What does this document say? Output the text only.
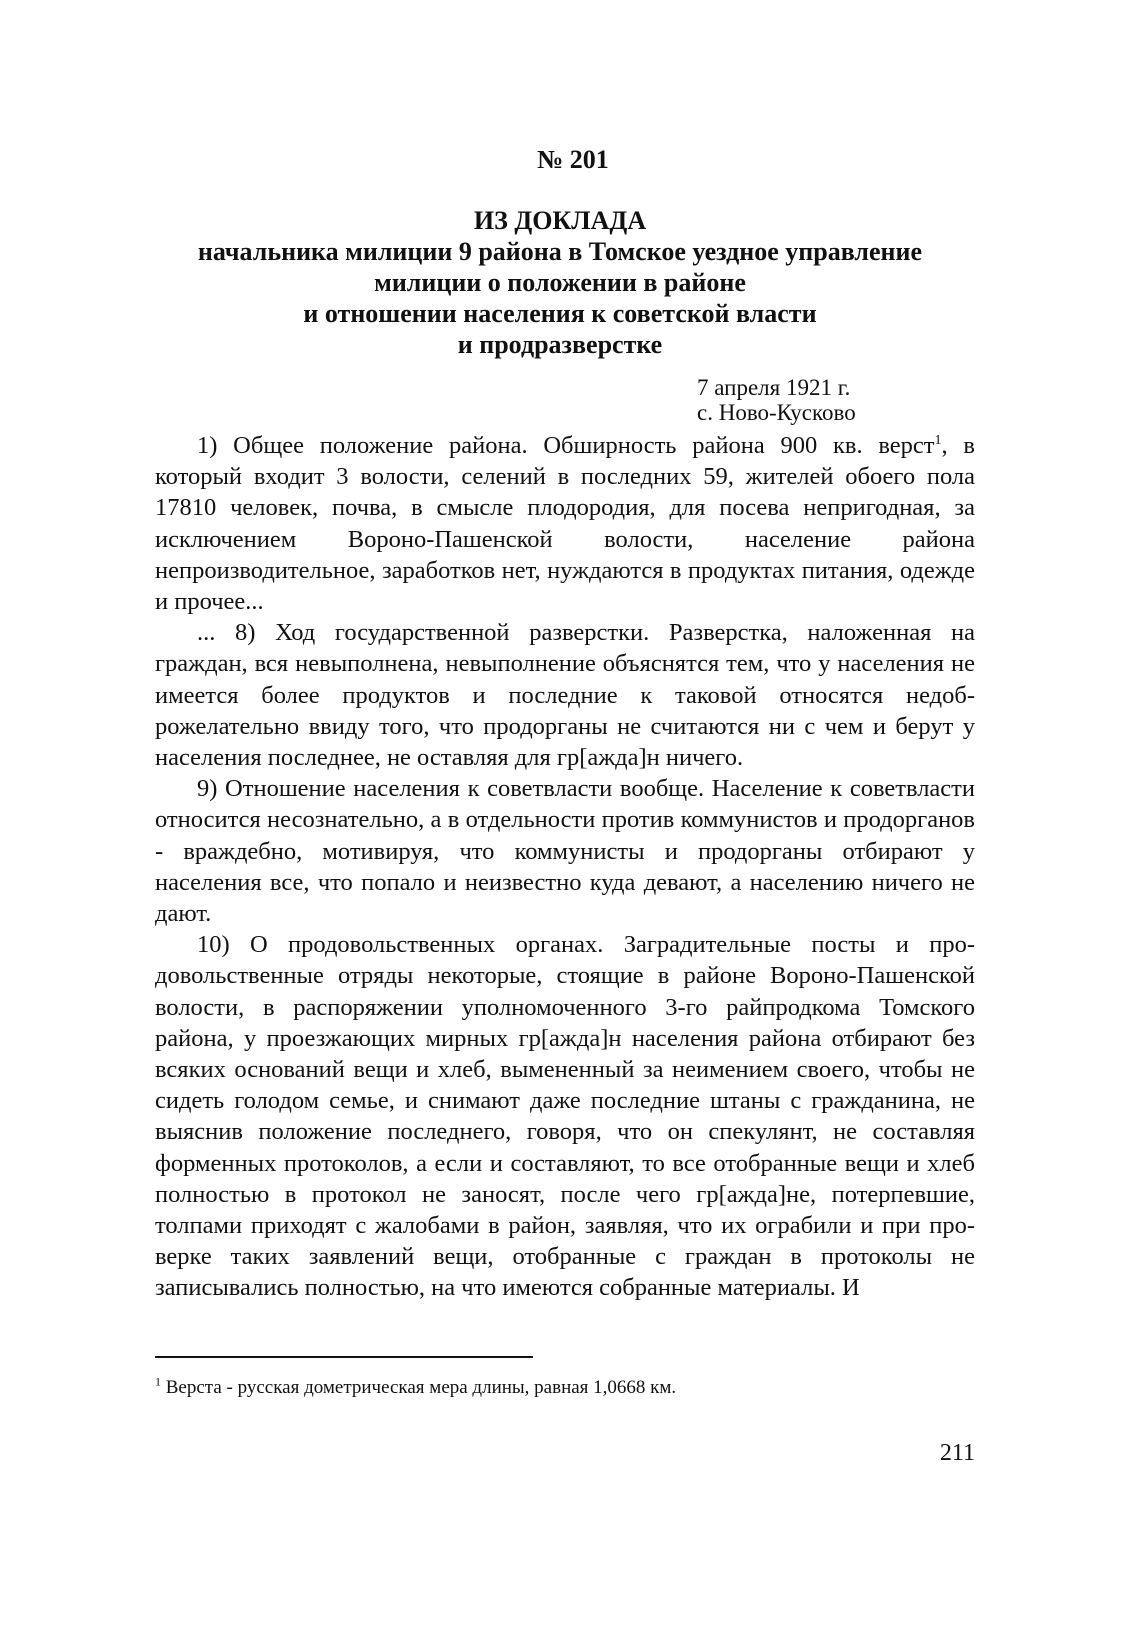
№ 201
ИЗ ДОКЛАДА
начальника милиции 9 района в Томское уездное управление
милиции о положении в районе
и отношении населения к советской власти
и продразверстке
7 апреля 1921 г.
с. Ново-Кусково

1) Общее положение района. Обширность района 900 кв. верст$^1$, в который входит 3 волости, селений в последних 59, жителей обоего пола 17810 человек, почва, в смысле плодородия, для посева непригодная, за исключением Вороно-Пашенской волости, население района непроизводительное, заработков нет, нуждаются в продуктах питания, одежде и прочее...

... 8) Ход государственной разверстки. Разверстка, наложенная на граждан, вся невыполнена, невыполнение объяснятся тем, что у населения не имеется более продуктов и последние к таковой относятся недоброжелательно ввиду того, что продорганы не считаются ни с чем и берут у населения последнее, не оставляя для гр[ажда]н ничего.

9) Отношение населения к советвласти вообще. Население к советвласти относится несознательно, а в отдельности против коммунистов и продорганов - враждебно, мотивируя, что коммунисты и продорганы отбирают у населения все, что попало и неизвестно куда девают, а населению ничего не дают.

10) О продовольственных органах. Заградительные посты и продовольственные отряды некоторые, стоящие в районе Вороно-Пашенской волости, в распоряжении уполномоченного 3-го райпродкома Томского района, у проезжающих мирных гр[ажда]н населения района отбирают без всяких оснований вещи и хлеб, вымененный за неимением своего, чтобы не сидеть голодом семье, и снимают даже последние штаны с гражданина, не выяснив положение последнего, говоря, что он спекулянт, не составляя форменных протоколов, а если и составляют, то все отобранные вещи и хлеб полностью в протокол не заносят, после чего гр[ажда]не, потерпевшие, толпами приходят с жалобами в район, заявляя, что их ограбили и при проверке таких заявлений вещи, отобранные с граждан в протоколы не записывались полностью, на что имеются собранные материалы. И

$^1$ Верста - русская дометрическая мера длины, равная 1,0668 км.
211
